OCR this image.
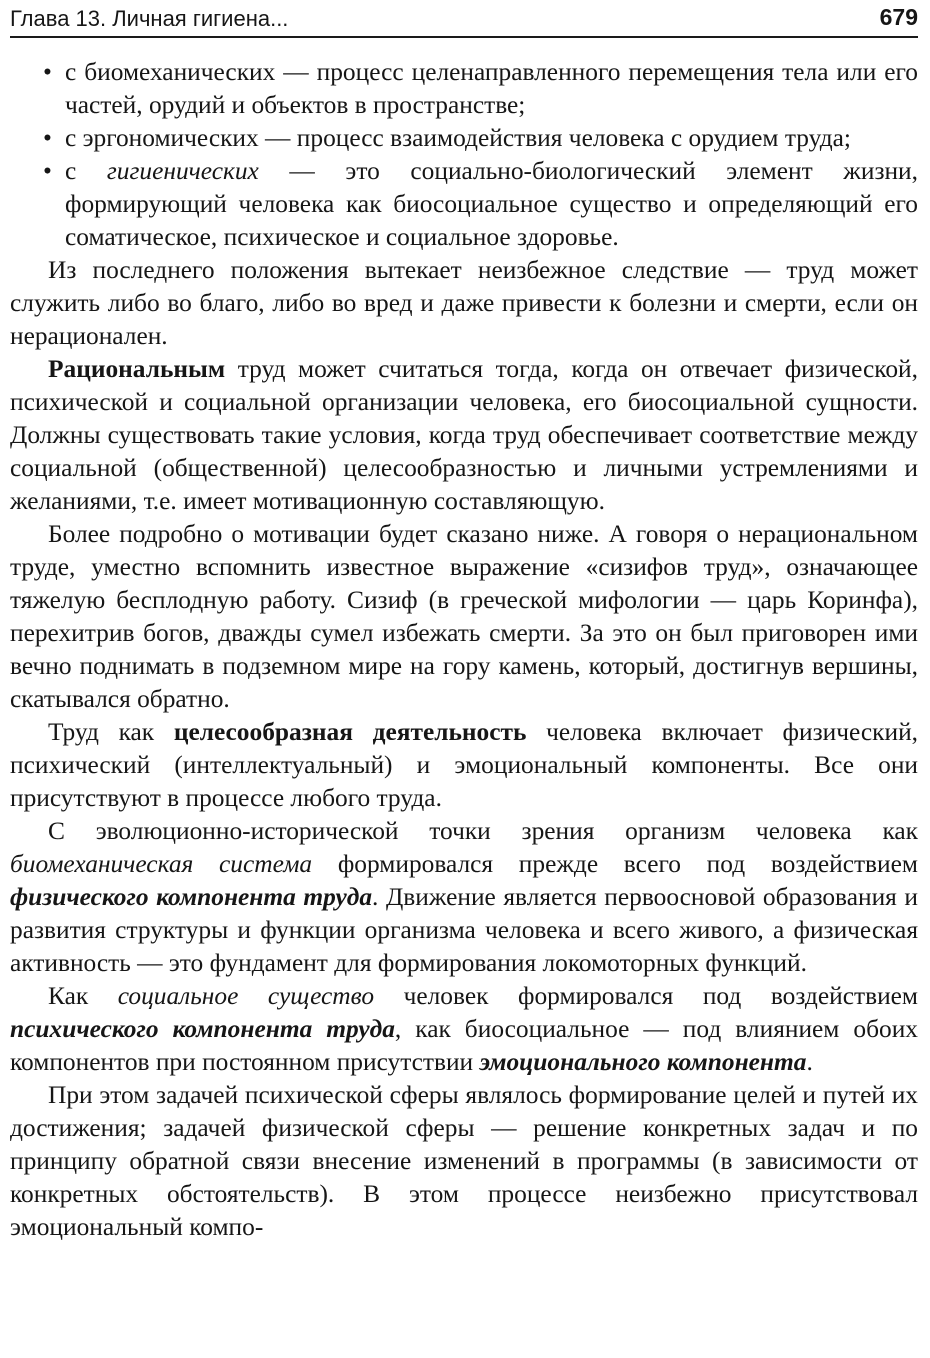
Глава 13. Личная гигиена...	679
• с биомеханических — процесс целенаправленного перемещения тела или его частей, орудий и объектов в пространстве;
• с эргономических — процесс взаимодействия человека с орудием труда;
• с гигиенических — это социально-биологический элемент жизни, формирующий человека как биосоциальное существо и определяющий его соматическое, психическое и социальное здоровье.

Из последнего положения вытекает неизбежное следствие — труд может служить либо во благо, либо во вред и даже привести к болезни и смерти, если он нерационален.

Рациональным труд может считаться тогда, когда он отвечает физической, психической и социальной организации человека, его биосоциальной сущности. Должны существовать такие условия, когда труд обеспечивает соответствие между социальной (общественной) целесообразностью и личными устремлениями и желаниями, т.е. имеет мотивационную составляющую.

Более подробно о мотивации будет сказано ниже. А говоря о нерациональном труде, уместно вспомнить известное выражение «сизифов труд», означающее тяжелую бесплодную работу. Сизиф (в греческой мифологии — царь Коринфа), перехитрив богов, дважды сумел избежать смерти. За это он был приговорен ими вечно поднимать в подземном мире на гору камень, который, достигнув вершины, скатывался обратно.

Труд как целесообразная деятельность человека включает физический, психический (интеллектуальный) и эмоциональный компоненты. Все они присутствуют в процессе любого труда.

С эволюционно-исторической точки зрения организм человека как биомеханическая система формировался прежде всего под воздействием физического компонента труда. Движение является первоосновой образования и развития структуры и функции организма человека и всего живого, а физическая активность — это фундамент для формирования локомоторных функций.

Как социальное существо человек формировался под воздействием психического компонента труда, как биосоциальное — под влиянием обоих компонентов при постоянном присутствии эмоционального компонента.

При этом задачей психической сферы являлось формирование целей и путей их достижения; задачей физической сферы — решение конкретных задач и по принципу обратной связи внесение изменений в программы (в зависимости от конкретных обстоятельств). В этом процессе неизбежно присутствовал эмоциональный компо-
